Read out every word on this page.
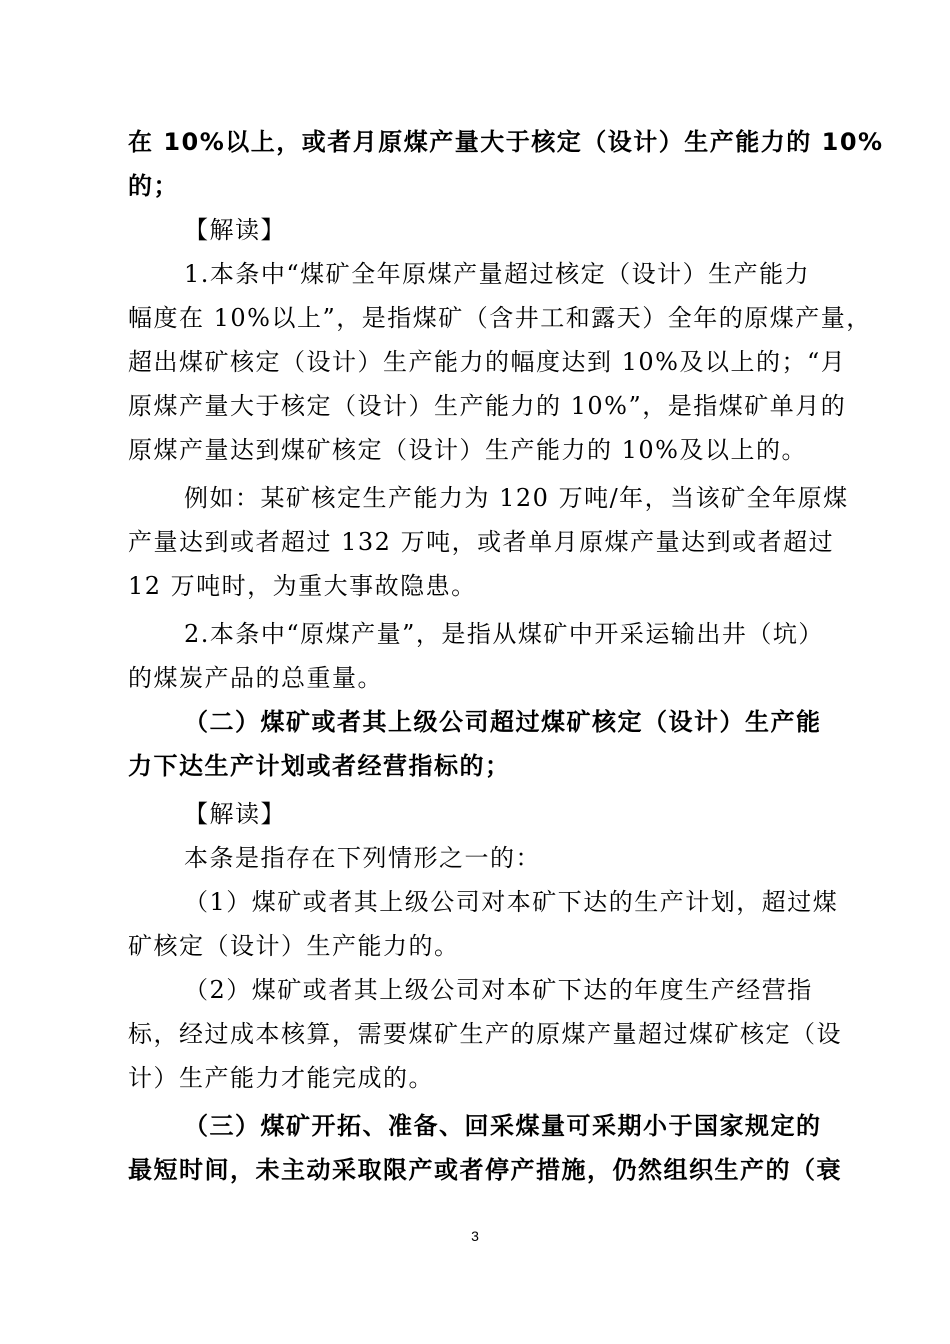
在 10%以上，或者月原煤产量大于核定（设计）生产能力的 10%
的；
【解读】
1.本条中“煤矿全年原煤产量超过核定（设计）生产能力
幅度在 10%以上”，是指煤矿（含井工和露天）全年的原煤产量，
超出煤矿核定（设计）生产能力的幅度达到 10%及以上的；“月
原煤产量大于核定（设计）生产能力的 10%”，是指煤矿单月的
原煤产量达到煤矿核定（设计）生产能力的 10%及以上的。
例如：某矿核定生产能力为 120 万吨/年，当该矿全年原煤
产量达到或者超过 132 万吨，或者单月原煤产量达到或者超过
12 万吨时，为重大事故隐患。
2.本条中“原煤产量”，是指从煤矿中开采运输出井（坑）
的煤炭产品的总重量。
（二）煤矿或者其上级公司超过煤矿核定（设计）生产能
力下达生产计划或者经营指标的；
【解读】
本条是指存在下列情形之一的：
（1）煤矿或者其上级公司对本矿下达的生产计划，超过煤
矿核定（设计）生产能力的。
（2）煤矿或者其上级公司对本矿下达的年度生产经营指
标，经过成本核算，需要煤矿生产的原煤产量超过煤矿核定（设
计）生产能力才能完成的。
（三）煤矿开拓、准备、回采煤量可采期小于国家规定的
最短时间，未主动采取限产或者停产措施，仍然组织生产的（衰
3
